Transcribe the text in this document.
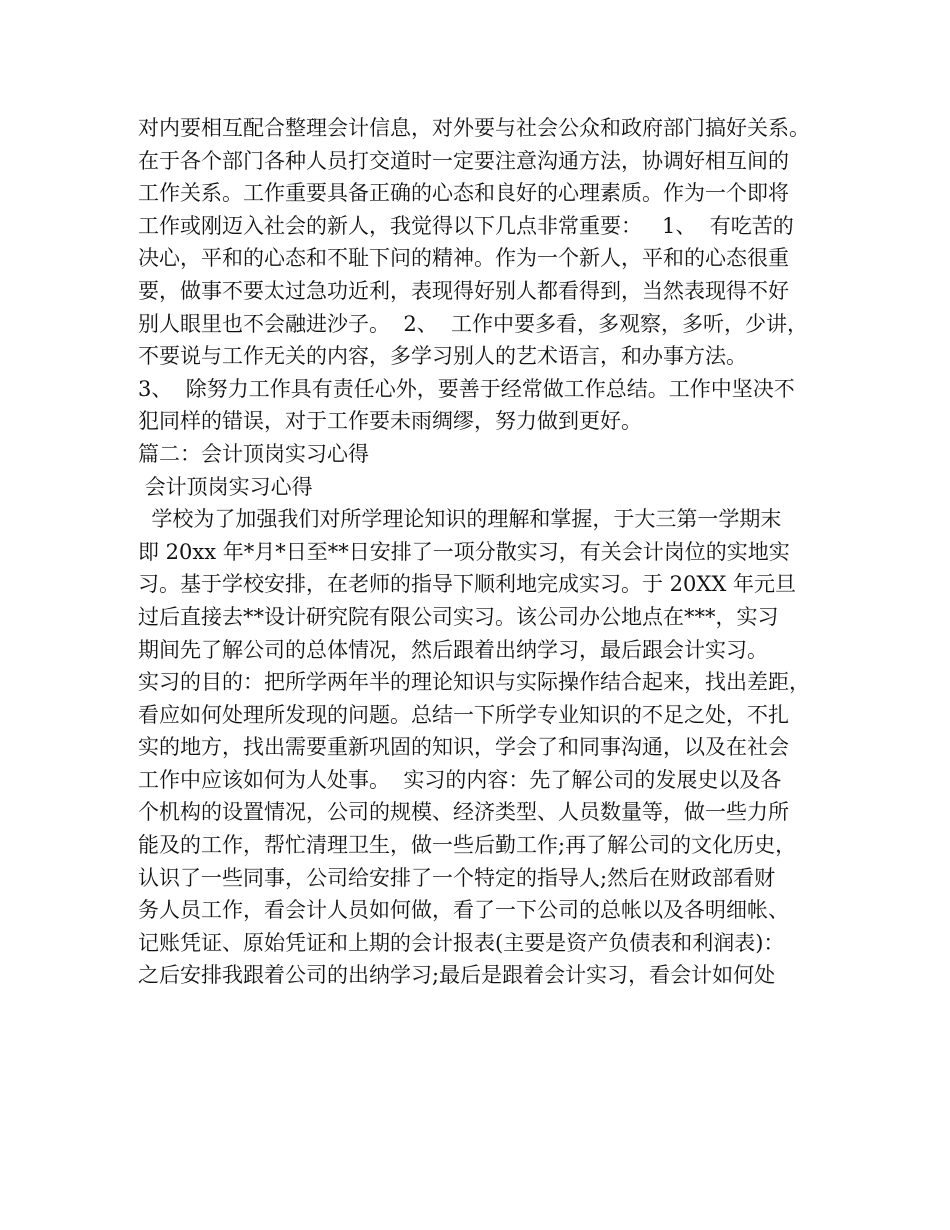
对内要相互配合整理会计信息，对外要与社会公众和政府部门搞好关系。
在于各个部门各种人员打交道时一定要注意沟通方法，协调好相互间的
工作关系。工作重要具备正确的心态和良好的心理素质。作为一个即将
工作或刚迈入社会的新人，我觉得以下几点非常重要：   1、  有吃苦的
决心，平和的心态和不耻下问的精神。作为一个新人，平和的心态很重
要，做事不要太过急功近利，表现得好别人都看得到，当然表现得不好
别人眼里也不会融进沙子。  2、  工作中要多看，多观察，多听，少讲，
不要说与工作无关的内容，多学习别人的艺术语言，和办事方法。
3、  除努力工作具有责任心外，要善于经常做工作总结。工作中坚决不
犯同样的错误，对于工作要未雨绸缪，努力做到更好。
篇二：会计顶岗实习心得
会计顶岗实习心得
学校为了加强我们对所学理论知识的理解和掌握，于大三第一学期末
即 20xx 年*月*日至**日安排了一项分散实习，有关会计岗位的实地实
习。基于学校安排，在老师的指导下顺利地完成实习。于 20XX 年元旦
过后直接去**设计研究院有限公司实习。该公司办公地点在***，实习
期间先了解公司的总体情况，然后跟着出纳学习，最后跟会计实习。
实习的目的：把所学两年半的理论知识与实际操作结合起来，找出差距，
看应如何处理所发现的问题。总结一下所学专业知识的不足之处，不扎
实的地方，找出需要重新巩固的知识，学会了和同事沟通，以及在社会
工作中应该如何为人处事。  实习的内容：先了解公司的发展史以及各
个机构的设置情况，公司的规模、经济类型、人员数量等，做一些力所
能及的工作，帮忙清理卫生，做一些后勤工作;再了解公司的文化历史，
认识了一些同事，公司给安排了一个特定的指导人;然后在财政部看财
务人员工作，看会计人员如何做，看了一下公司的总帐以及各明细帐、
记账凭证、原始凭证和上期的会计报表(主要是资产负债表和利润表)：
之后安排我跟着公司的出纳学习;最后是跟着会计实习，看会计如何处
